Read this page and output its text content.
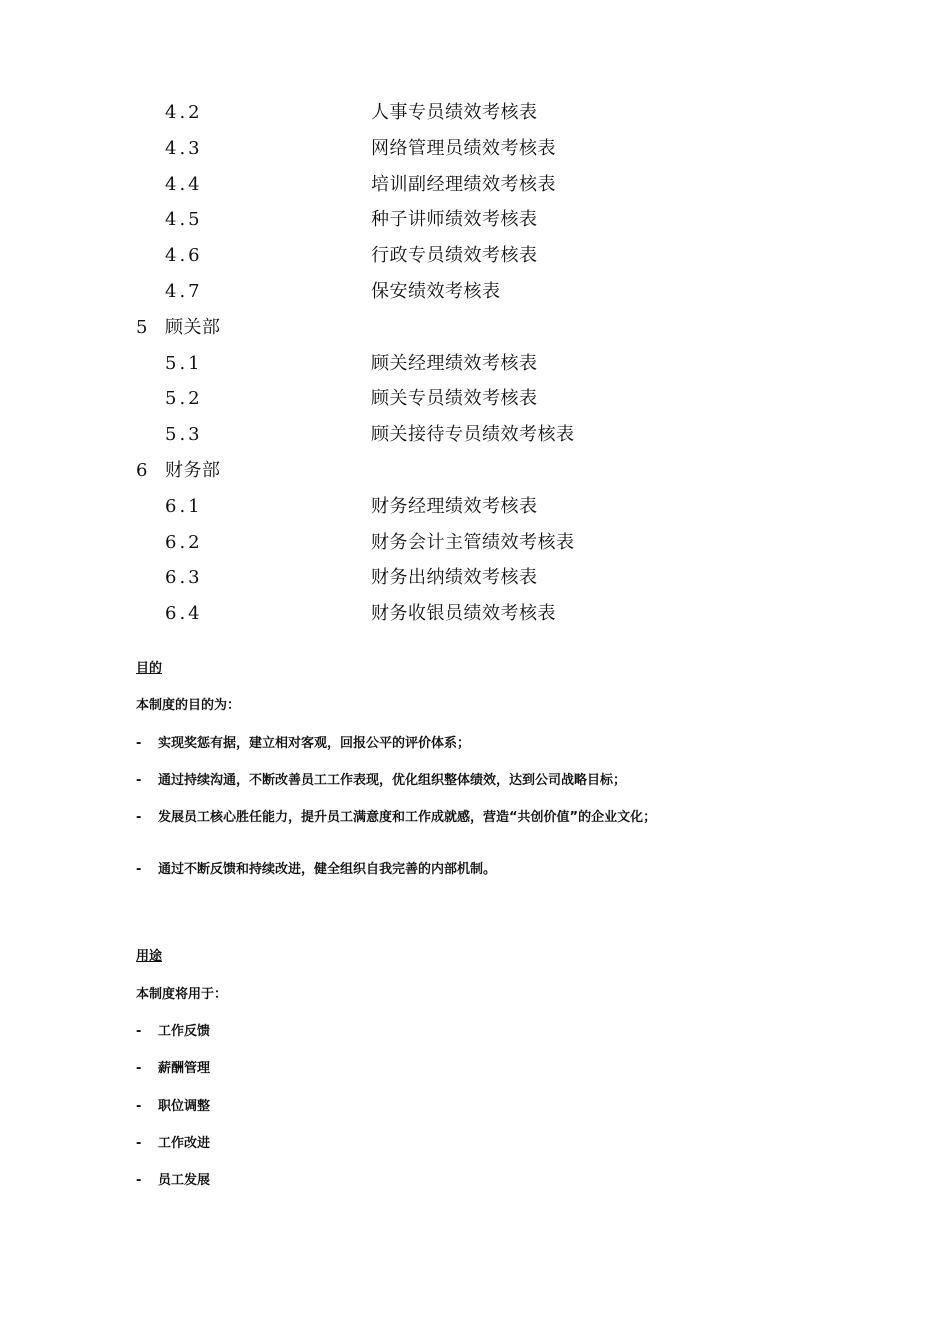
4.2	人事专员绩效考核表
4.3	网络管理员绩效考核表
4.4	培训副经理绩效考核表
4.5	种子讲师绩效考核表
4.6	行政专员绩效考核表
4.7	保安绩效考核表
5 顾关部
5.1	顾关经理绩效考核表
5.2	顾关专员绩效考核表
5.3	顾关接待专员绩效考核表
6 财务部
6.1	财务经理绩效考核表
6.2	财务会计主管绩效考核表
6.3	财务出纳绩效考核表
6.4	财务收银员绩效考核表
目的
本制度的目的为：
- 实现奖惩有据，建立相对客观，回报公平的评价体系；
- 通过持续沟通，不断改善员工工作表现，优化组织整体绩效，达到公司战略目标；
- 发展员工核心胜任能力，提升员工满意度和工作成就感，营造“共创价值”的企业文化；
- 通过不断反馈和持续改进，健全组织自我完善的内部机制。
用途
本制度将用于：
- 工作反馈
- 薪酬管理
- 职位调整
- 工作改进
- 员工发展
